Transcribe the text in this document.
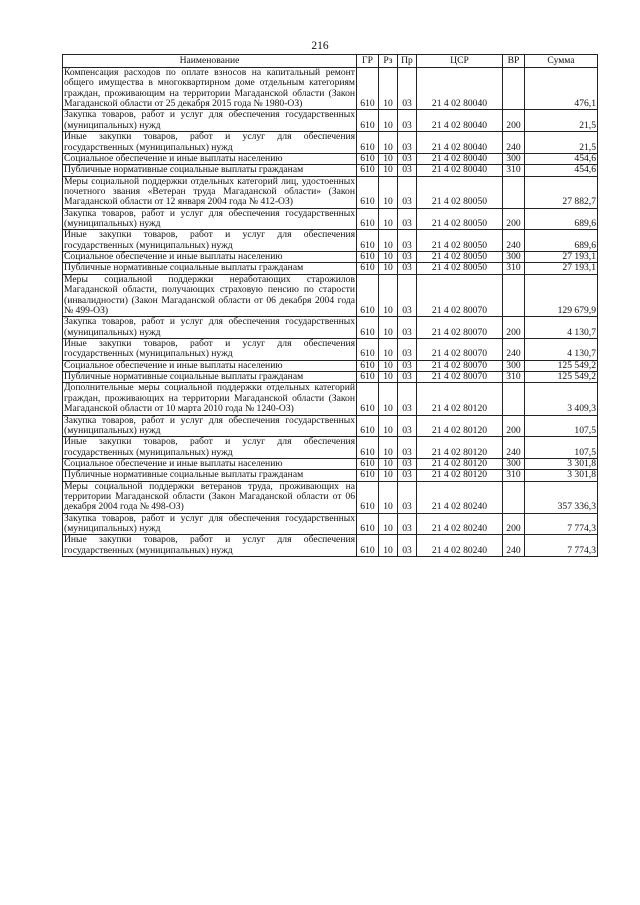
216
Наименование	ГР	Рз	Пр	ЦСР	ВР	Сумма
Компенсация расходов по оплате взносов на капитальный ремонт общего имущества в многоквартирном доме отдельным категориям граждан, проживающим на территории Магаданской области (Закон Магаданской области от 25 декабря 2015 года № 1980-ОЗ)	610	10	03	21 4 02 80040		476,1
Закупка товаров, работ и услуг для обеспечения государственных (муниципальных) нужд	610	10	03	21 4 02 80040	200	21,5
Иные закупки товаров, работ и услуг для обеспечения государственных (муниципальных) нужд	610	10	03	21 4 02 80040	240	21,5
Социальное обеспечение и иные выплаты населению	610	10	03	21 4 02 80040	300	454,6
Публичные нормативные социальные выплаты гражданам	610	10	03	21 4 02 80040	310	454,6
Меры социальной поддержки отдельных категорий лиц, удостоенных почетного звания «Ветеран труда Магаданской области» (Закон Магаданской области от 12 января 2004 года № 412-ОЗ)	610	10	03	21 4 02 80050		27 882,7
Закупка товаров, работ и услуг для обеспечения государственных (муниципальных) нужд	610	10	03	21 4 02 80050	200	689,6
Иные закупки товаров, работ и услуг для обеспечения государственных (муниципальных) нужд	610	10	03	21 4 02 80050	240	689,6
Социальное обеспечение и иные выплаты населению	610	10	03	21 4 02 80050	300	27 193,1
Публичные нормативные социальные выплаты гражданам	610	10	03	21 4 02 80050	310	27 193,1
Меры социальной поддержки неработающих старожилов Магаданской области, получающих страховую пенсию по старости (инвалидности) (Закон Магаданской области от 06 декабря 2004 года № 499-ОЗ)	610	10	03	21 4 02 80070		129 679,9
Закупка товаров, работ и услуг для обеспечения государственных (муниципальных) нужд	610	10	03	21 4 02 80070	200	4 130,7
Иные закупки товаров, работ и услуг для обеспечения государственных (муниципальных) нужд	610	10	03	21 4 02 80070	240	4 130,7
Социальное обеспечение и иные выплаты населению	610	10	03	21 4 02 80070	300	125 549,2
Публичные нормативные социальные выплаты гражданам	610	10	03	21 4 02 80070	310	125 549,2
Дополнительные меры социальной поддержки отдельных категорий граждан, проживающих на территории Магаданской области (Закон Магаданской области от 10 марта 2010 года № 1240-ОЗ)	610	10	03	21 4 02 80120		3 409,3
Закупка товаров, работ и услуг для обеспечения государственных (муниципальных) нужд	610	10	03	21 4 02 80120	200	107,5
Иные закупки товаров, работ и услуг для обеспечения государственных (муниципальных) нужд	610	10	03	21 4 02 80120	240	107,5
Социальное обеспечение и иные выплаты населению	610	10	03	21 4 02 80120	300	3 301,8
Публичные нормативные социальные выплаты гражданам	610	10	03	21 4 02 80120	310	3 301,8
Меры социальной поддержки ветеранов труда, проживающих на территории Магаданской области (Закон Магаданской области от 06 декабря 2004 года № 498-ОЗ)	610	10	03	21 4 02 80240		357 336,3
Закупка товаров, работ и услуг для обеспечения государственных (муниципальных) нужд	610	10	03	21 4 02 80240	200	7 774,3
Иные закупки товаров, работ и услуг для обеспечения государственных (муниципальных) нужд	610	10	03	21 4 02 80240	240	7 774,3
